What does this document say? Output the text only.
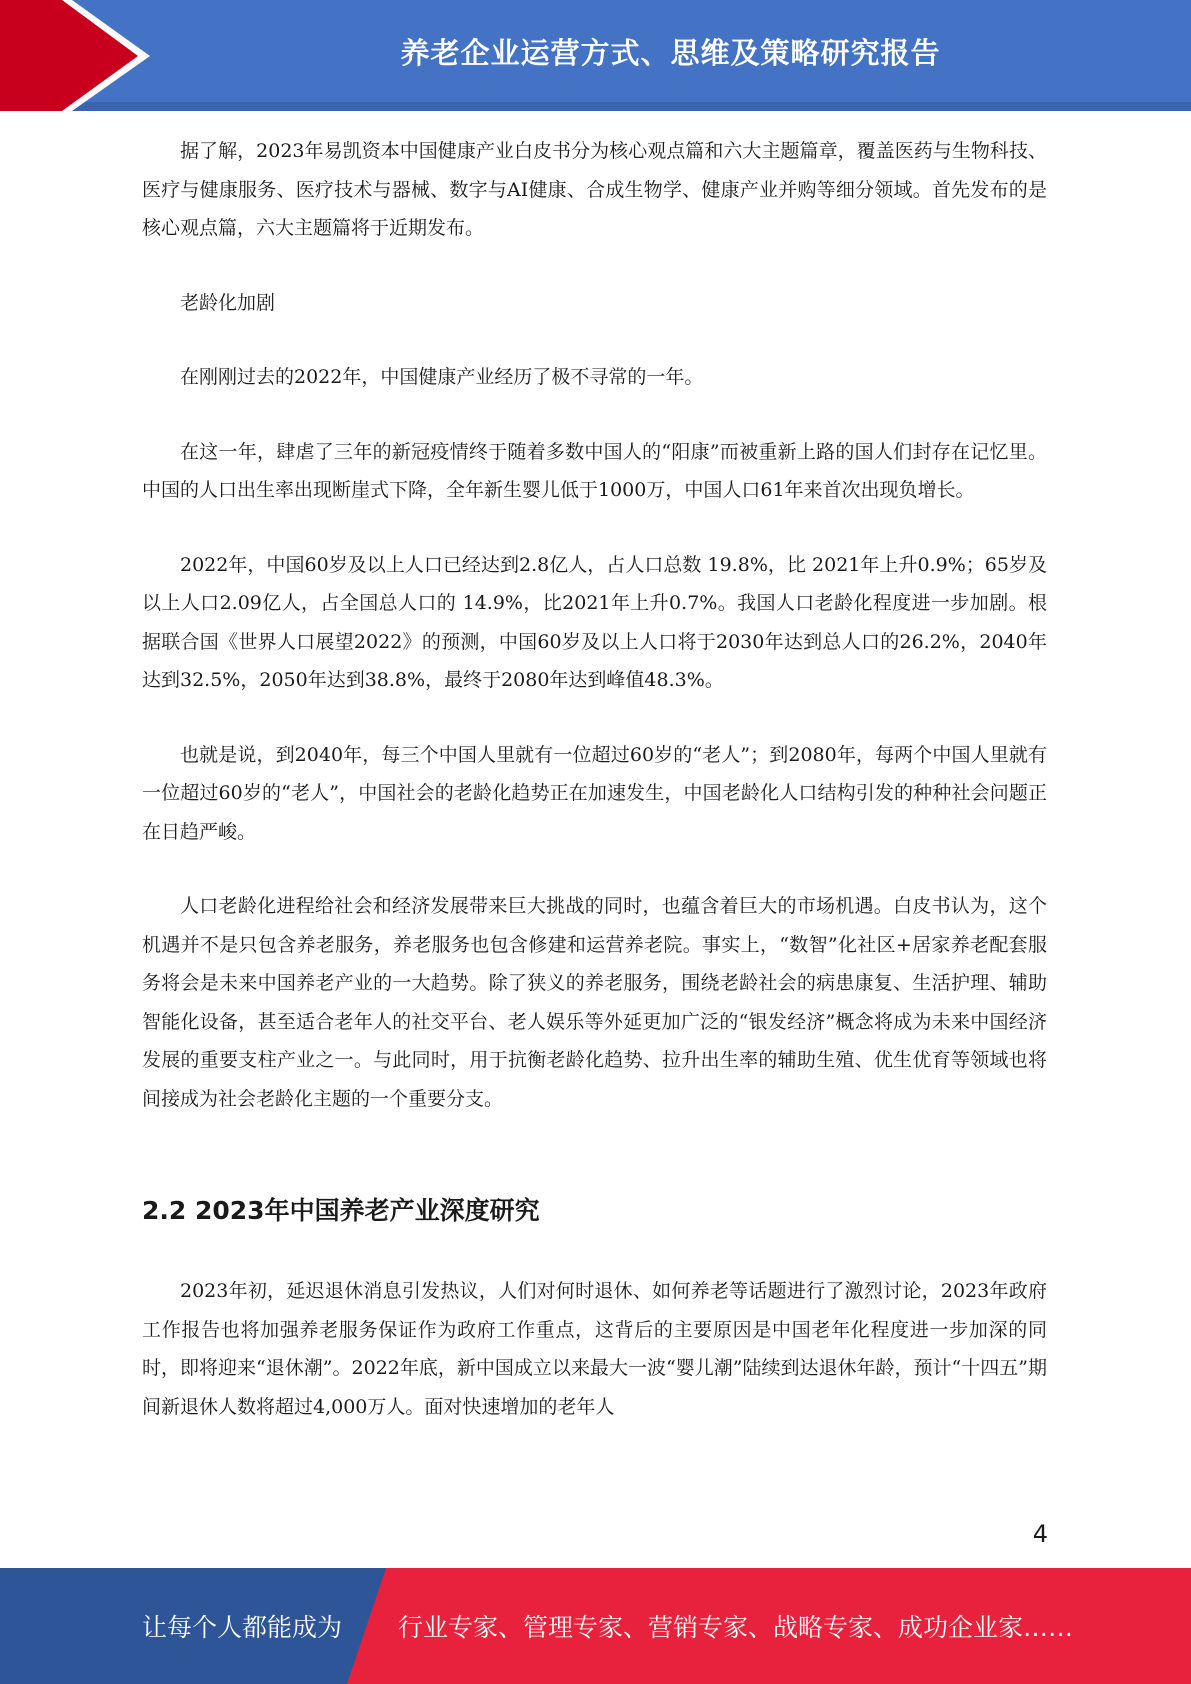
养老企业运营方式、思维及策略研究报告

据了解，2023年易凯资本中国健康产业白皮书分为核心观点篇和六大主题篇章，覆盖医药与生物科技、医疗与健康服务、医疗技术与器械、数字与AI健康、合成生物学、健康产业并购等细分领域。首先发布的是核心观点篇，六大主题篇将于近期发布。

老龄化加剧

在刚刚过去的2022年，中国健康产业经历了极不寻常的一年。

在这一年，肆虐了三年的新冠疫情终于随着多数中国人的“阳康”而被重新上路的国人们封存在记忆里。中国的人口出生率出现断崖式下降，全年新生婴儿低于1000万，中国人口61年来首次出现负增长。

2022年，中国60岁及以上人口已经达到2.8亿人，占人口总数 19.8%，比 2021年上升0.9%；65岁及以上人口2.09亿人，占全国总人口的 14.9%，比2021年上升0.7%。我国人口老龄化程度进一步加剧。根据联合国《世界人口展望2022》的预测，中国60岁及以上人口将于2030年达到总人口的26.2%，2040年达到32.5%，2050年达到38.8%，最终于2080年达到峰值48.3%。

也就是说，到2040年，每三个中国人里就有一位超过60岁的“老人”；到2080年，每两个中国人里就有一位超过60岁的“老人”，中国社会的老龄化趋势正在加速发生，中国老龄化人口结构引发的种种社会问题正在日趋严峻。

人口老龄化进程给社会和经济发展带来巨大挑战的同时，也蕴含着巨大的市场机遇。白皮书认为，这个机遇并不是只包含养老服务，养老服务也包含修建和运营养老院。事实上，“数智”化社区+居家养老配套服务将会是未来中国养老产业的一大趋势。除了狭义的养老服务，围绕老龄社会的病患康复、生活护理、辅助智能化设备，甚至适合老年人的社交平台、老人娱乐等外延更加广泛的“银发经济”概念将成为未来中国经济发展的重要支柱产业之一。与此同时，用于抗衡老龄化趋势、拉升出生率的辅助生殖、优生优育等领域也将间接成为社会老龄化主题的一个重要分支。

2.2 2023年中国养老产业深度研究

2023年初，延迟退休消息引发热议，人们对何时退休、如何养老等话题进行了激烈讨论，2023年政府工作报告也将加强养老服务保证作为政府工作重点，这背后的主要原因是中国老年化程度进一步加深的同时，即将迎来“退休潮”。2022年底，新中国成立以来最大一波“婴儿潮”陆续到达退休年龄，预计“十四五”期间新退休人数将超过4,000万人。面对快速增加的老年人

4
让每个人都能成为 行业专家、管理专家、营销专家、战略专家、成功企业家……
